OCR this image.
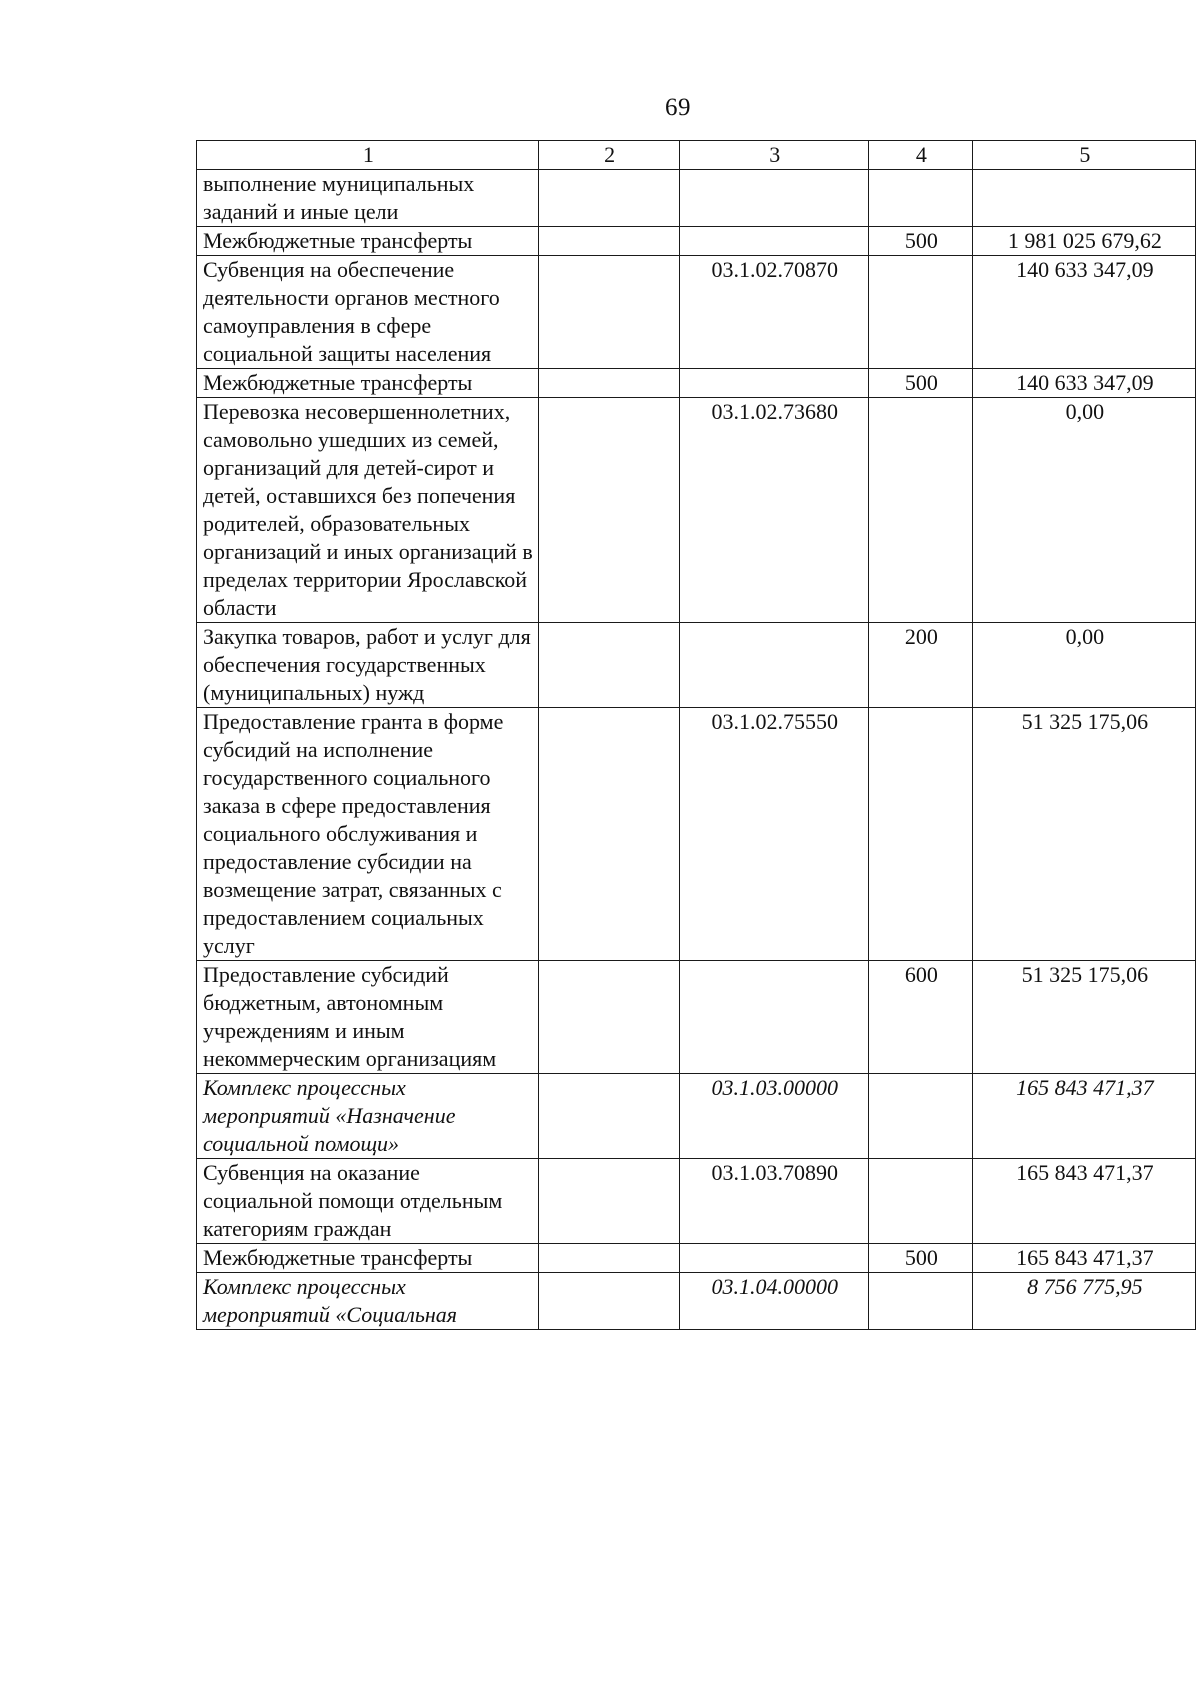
69
1	2	3	4	5
выполнение муниципальных заданий и иные цели				
Межбюджетные трансферты			500	1 981 025 679,62
Субвенция на обеспечение деятельности органов местного самоуправления в сфере социальной защиты населения		03.1.02.70870		140 633 347,09
Межбюджетные трансферты			500	140 633 347,09
Перевозка несовершеннолетних, самовольно ушедших из семей, организаций для детей-сирот и детей, оставшихся без попечения родителей, образовательных организаций и иных организаций в пределах территории Ярославской области		03.1.02.73680		0,00
Закупка товаров, работ и услуг для обеспечения государственных (муниципальных) нужд			200	0,00
Предоставление гранта в форме субсидий на исполнение государственного социального заказа в сфере предоставления социального обслуживания и предоставление субсидии на возмещение затрат, связанных с предоставлением социальных услуг		03.1.02.75550		51 325 175,06
Предоставление субсидий бюджетным, автономным учреждениям и иным некоммерческим организациям			600	51 325 175,06
Комплекс процессных мероприятий «Назначение социальной помощи»		03.1.03.00000		165 843 471,37
Субвенция на оказание социальной помощи отдельным категориям граждан		03.1.03.70890		165 843 471,37
Межбюджетные трансферты			500	165 843 471,37
Комплекс процессных мероприятий «Социальная		03.1.04.00000		8 756 775,95
